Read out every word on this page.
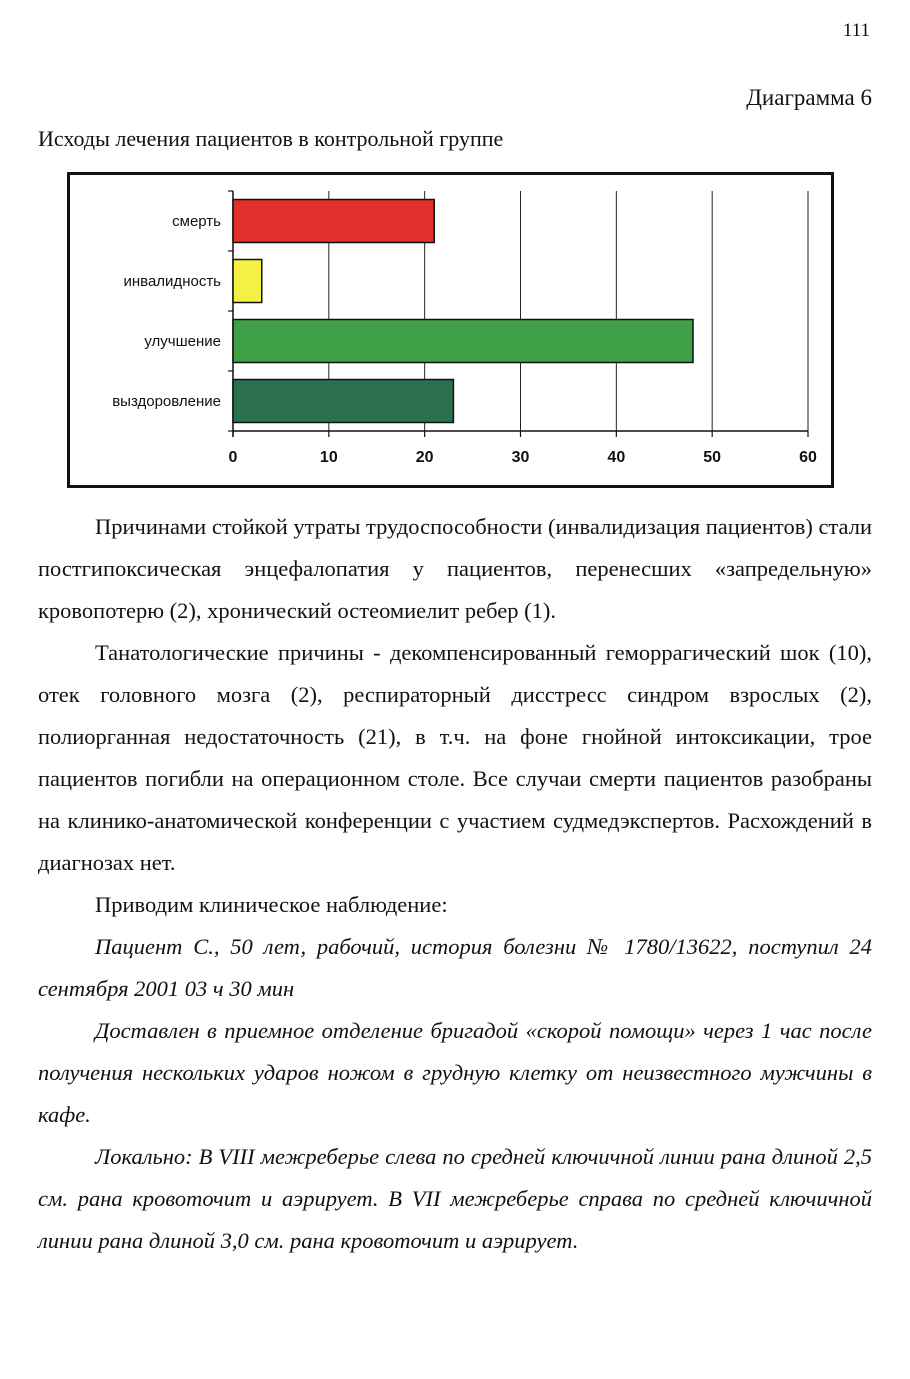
111
Диаграмма 6
Исходы лечения пациентов в контрольной группе
смерть
инвалидность
улучшение
выздоровление
0	10	20	30	40	50	60

Причинами стойкой утраты трудоспособности (инвалидизация пациентов) стали постгипоксическая энцефалопатия у пациентов, перенесших «запредельную» кровопотерю (2), хронический остеомиелит ребер (1).

Танатологические причины - декомпенсированный геморрагический шок (10), отек головного мозга (2), респираторный дисстресс синдром взрослых (2), полиорганная недостаточность (21), в т.ч. на фоне гнойной интоксикации, трое пациентов погибли на операционном столе. Все случаи смерти пациентов разобраны на клинико-анатомической конференции с участием судмедэкспертов. Расхождений в диагнозах нет.

Приводим клиническое наблюдение:

Пациент С., 50 лет, рабочий, история болезни № 1780/13622, поступил 24 сентября 2001 03 ч 30 мин

Доставлен в приемное отделение бригадой «скорой помощи» через 1 час после получения нескольких ударов ножом в грудную клетку от неизвестного мужчины в кафе.

Локально: В VIII межреберье слева по средней ключичной линии рана длиной 2,5 см. рана кровоточит и аэрирует. В VII межреберье справа по средней ключичной линии рана длиной 3,0 см. рана кровоточит и аэрирует.
